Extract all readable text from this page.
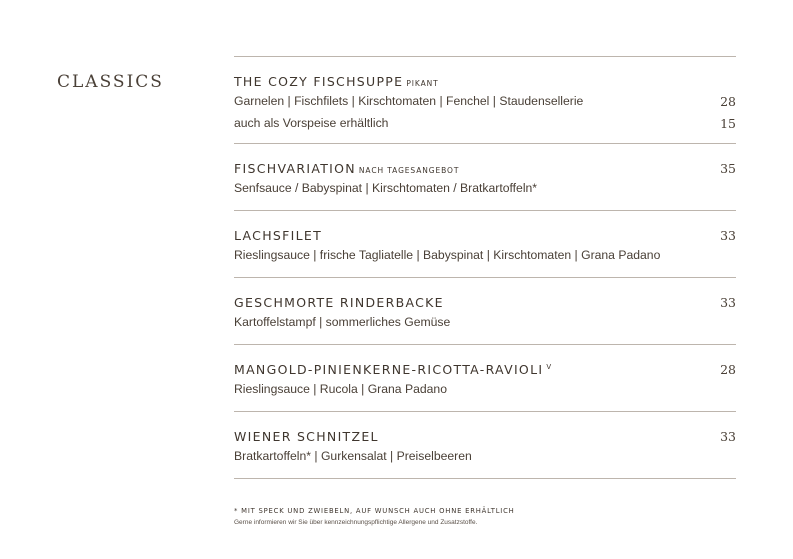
CLASSICS	THE COZY FISCHSUPPE PIKANT
Garnelen | Fischfilets | Kirschtomaten | Fenchel | Staudensellerie	28
auch als Vorspeise erhältlich	15
FISCHVARIATION NACH TAGESANGEBOT	35
Senfsauce / Babyspinat | Kirschtomaten / Bratkartoffeln*
LACHSFILET	33
Rieslingsauce | frische Tagliatelle | Babyspinat | Kirschtomaten | Grana Padano
GESCHMORTE RINDERBACKE	33
Kartoffelstampf | sommerliches Gemüse
MANGOLD-PINIENKERNE-RICOTTA-RAVIOLI $^V$	28
Rieslingsauce | Rucola | Grana Padano
WIENER SCHNITZEL	33
Bratkartoffeln* | Gurkensalat | Preiselbeeren
* MIT SPECK UND ZWIEBELN, AUF WUNSCH AUCH OHNE ERHÄLTLICH
Gerne informieren wir Sie über kennzeichnungspflichtige Allergene und Zusatzstoffe.
